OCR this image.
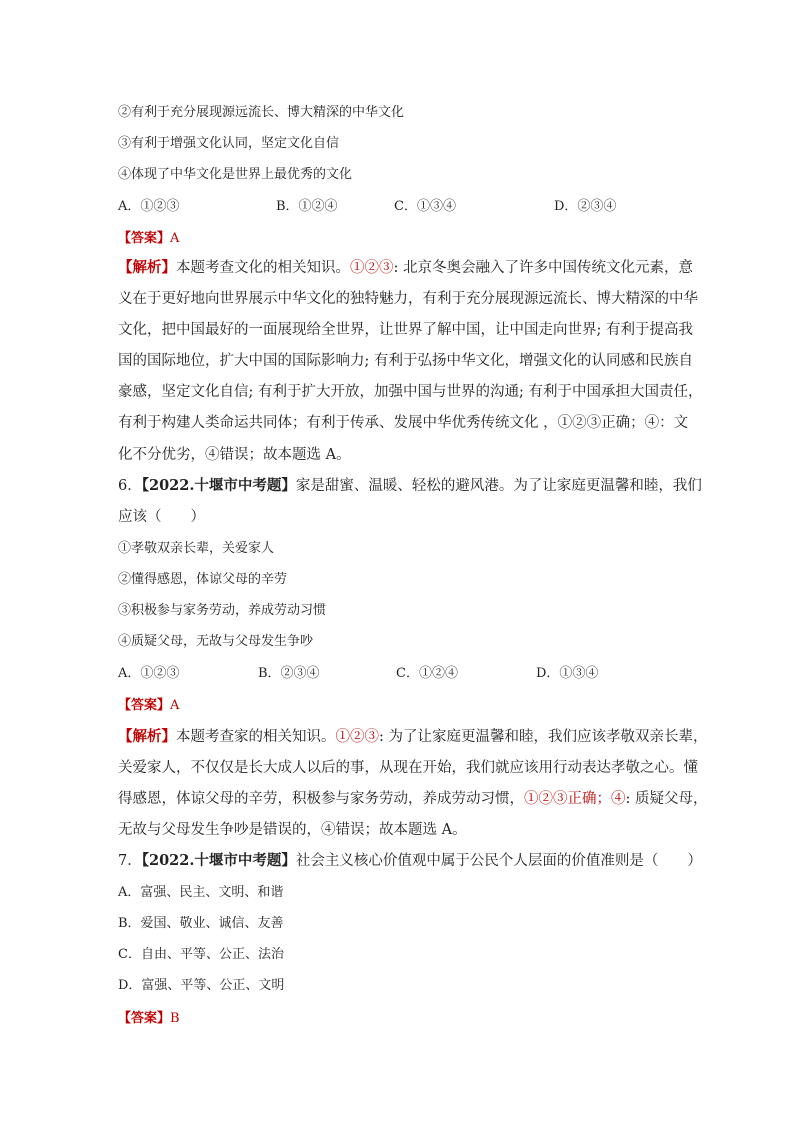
②有利于充分展现源远流长、博大精深的中华文化
③有利于增强文化认同，坚定文化自信
④体现了中华文化是世界上最优秀的文化
A．①②③	B．①②④	C．①③④	D．②③④
【答案】A
【解析】本题考查文化的相关知识。①②③: 北京冬奥会融入了许多中国传统文化元素，意
义在于更好地向世界展示中华文化的独特魅力，有利于充分展现源远流长、博大精深的中华
文化，把中国最好的一面展现给全世界，让世界了解中国，让中国走向世界; 有利于提高我
国的国际地位，扩大中国的国际影响力; 有利于弘扬中华文化，增强文化的认同感和民族自
豪感，坚定文化自信; 有利于扩大开放，加强中国与世界的沟通; 有利于中国承担大国责任，
有利于构建人类命运共同体；有利于传承、发展中华优秀传统文化 ，①②③正确；④：文
化不分优劣，④错误；故本题选 A。
6．【2022.十堰市中考题】家是甜蜜、温暖、轻松的避风港。为了让家庭更温馨和睦，我们
应该（　　）
①孝敬双亲长辈，关爱家人
②懂得感恩，体谅父母的辛劳
③积极参与家务劳动，养成劳动习惯
④质疑父母，无故与父母发生争吵
A．①②③	B．②③④	C．①②④	D．①③④
【答案】A
【解析】本题考查家的相关知识。①②③: 为了让家庭更温馨和睦，我们应该孝敬双亲长辈，
关爱家人，不仅仅是长大成人以后的事，从现在开始，我们就应该用行动表达孝敬之心。懂
得感恩，体谅父母的辛劳，积极参与家务劳动，养成劳动习惯，①②③正确；④: 质疑父母，
无故与父母发生争吵是错误的，④错误；故本题选 A。
7．【2022.十堰市中考题】社会主义核心价值观中属于公民个人层面的价值准则是（　　）
A．富强、民主、文明、和谐
B．爱国、敬业、诚信、友善
C．自由、平等、公正、法治
D．富强、平等、公正、文明
【答案】B
